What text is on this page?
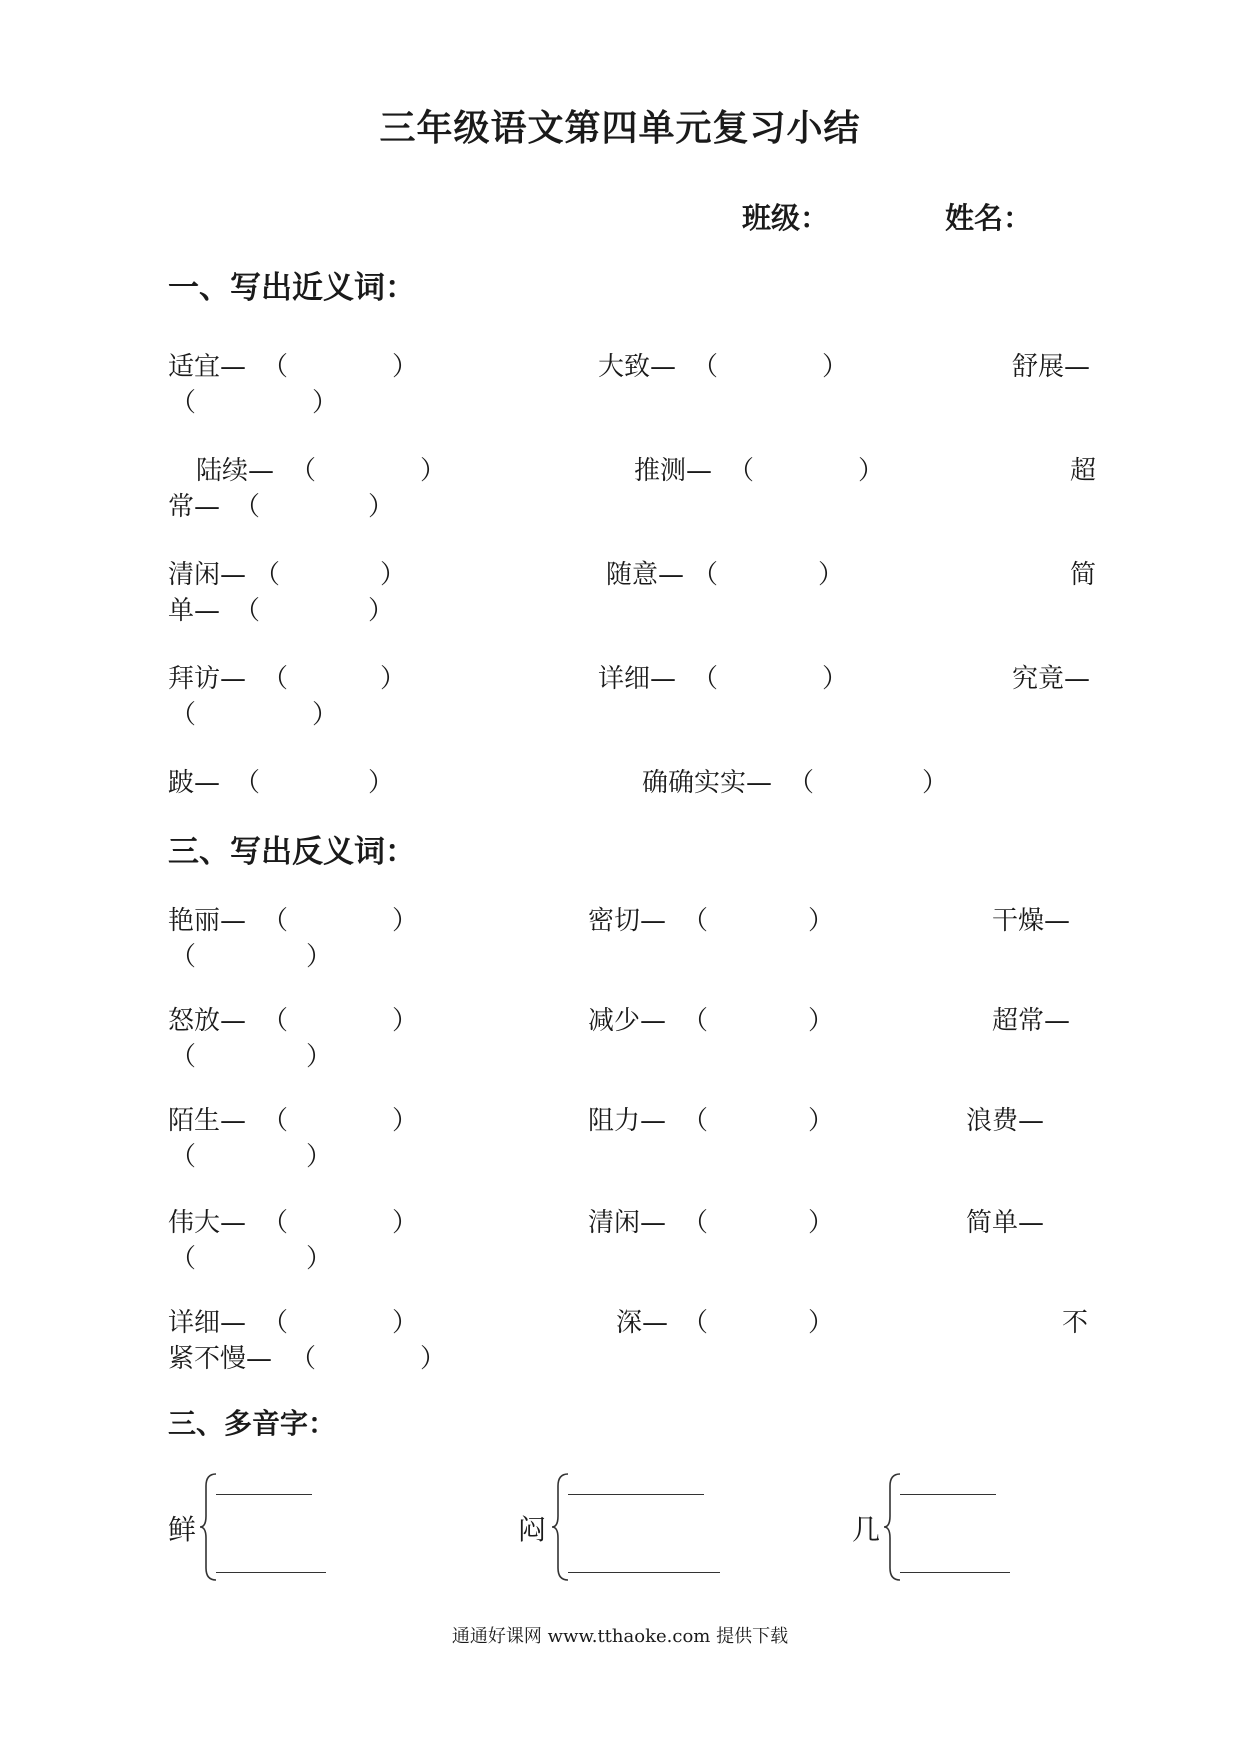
三年级语文第四单元复习小结
班级：	姓名：
一、写出近义词：
适宜— （	）	大致— （	）	舒展—
（	）
陆续— （	）	推测— （	）	超
常— （	）
清闲— （	）	随意— （	）	简
单— （	）
拜访— （	）	详细— （	）	究竟—
（	）
跛— （	）	确确实实— （	）
三、写出反义词：
艳丽— （	）	密切— （	）	干燥—
（	）
怒放— （	）	减少— （	）	超常—
（	）
陌生— （	）	阻力— （	）	浪费—
（	）
伟大— （	）	清闲— （	）	简单—
（	）
详细— （	）	深— （	）	不
紧不慢— （	）
三、多音字：
鲜	闷	几
通通好课网 www.tthaoke.com 提供下载
